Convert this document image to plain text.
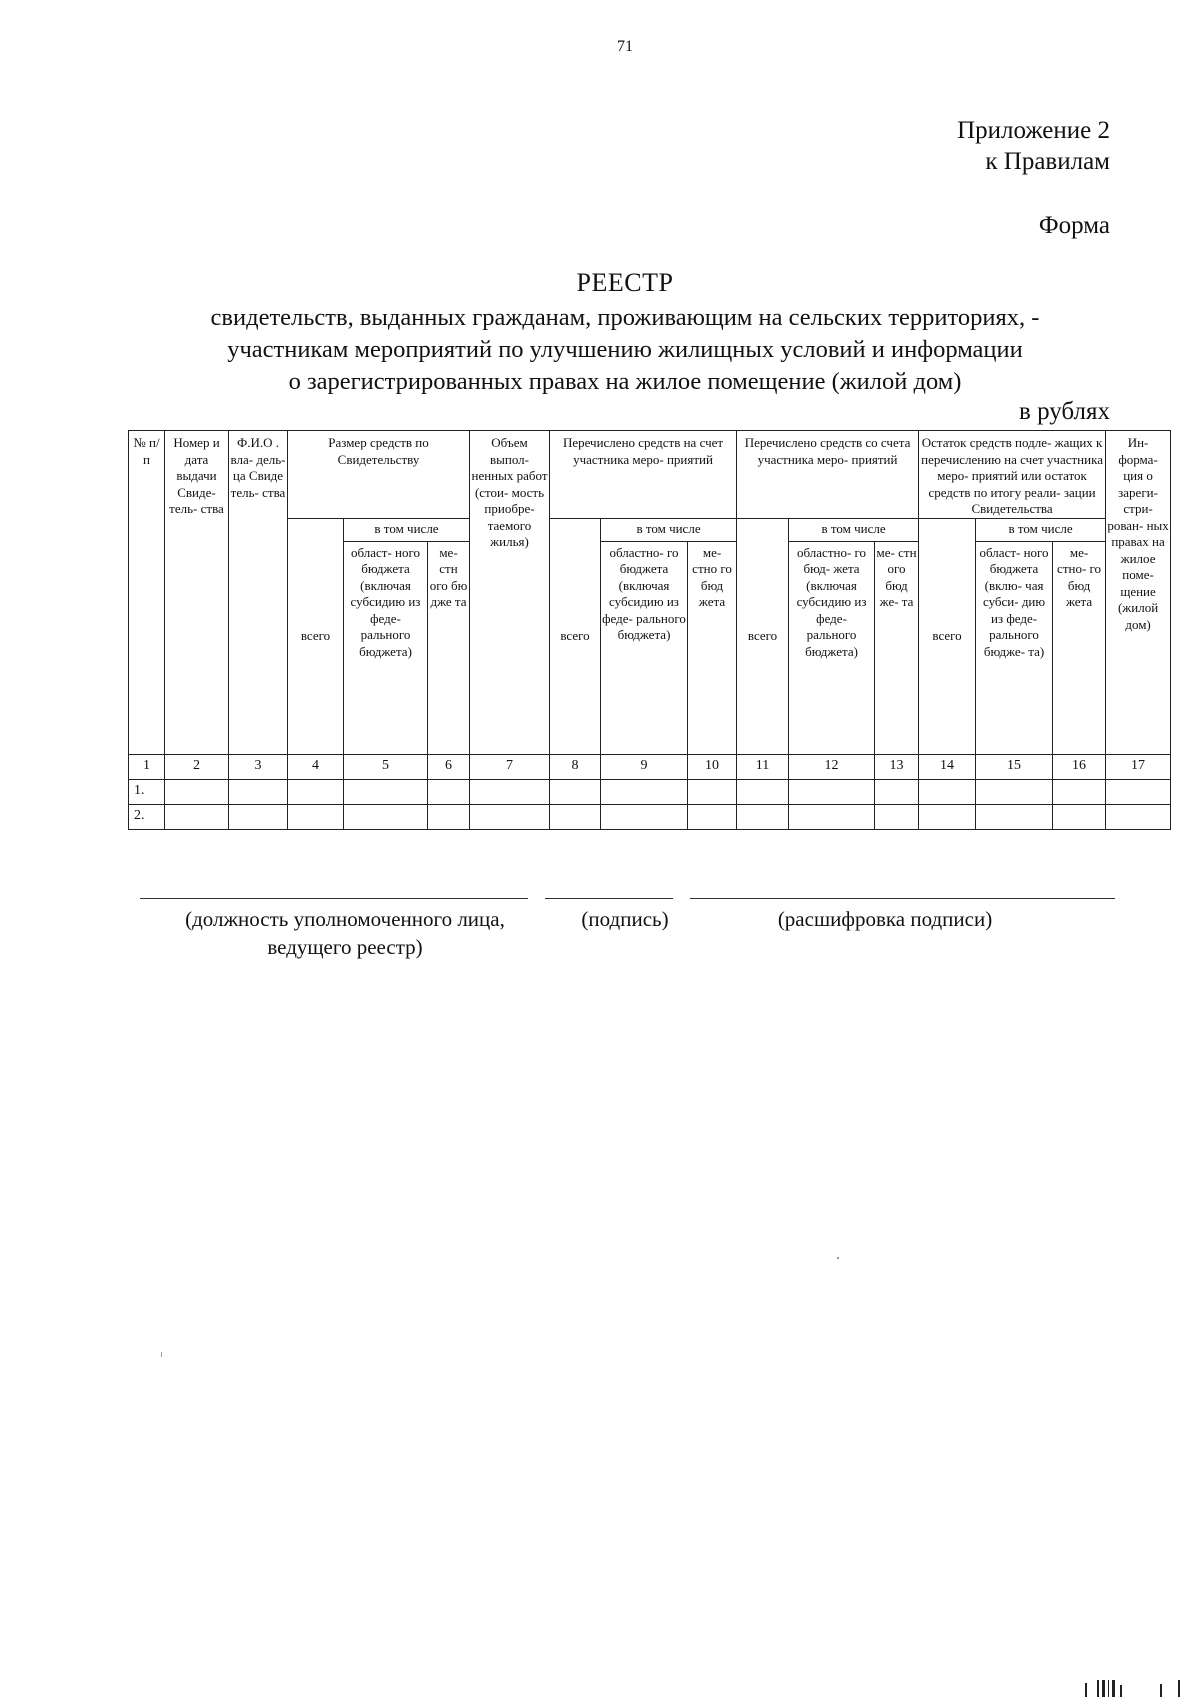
71
Приложение 2
к Правилам
Форма
РЕЕСТР
свидетельств, выданных гражданам, проживающим на сельских территориях, -
участникам мероприятий по улучшению жилищных условий и информации
о зарегистрированных правах на жилое помещение (жилой дом)
в рублях
№ п/ п	Номер и дата выдачи Свиде- тель- ства	Ф.И.О . вла- дель- ца Свиде тель- ства	Размер средств по Свидетельству			Объем выпол- ненных работ (стои- мость приобре- таемого жилья)	Перечислено средств на счет участника меро- приятий			Перечислено средств со счета участника меро- приятий			Остаток средств подле- жащих к перечислению на счет участника меро- приятий или остаток средств по итогу реали- зации Свидетельства			Ин- форма- ция о зареги- стри- рован- ных правах на жилое поме- щение (жилой дом)
			всего	в том числе			всего	в том числе		всего	в том числе		всего	в том числе		
				област- ного бюджета (включая субсидию из феде- рального бюджета)	ме- стн ого бю дже та			областно- го бюджета (включая субсидию из феде- рального бюджета)	ме- стно го бюд жета		областно- го бюд- жета (включая субсидию из феде- рального бюджета)	ме- стн ого бюд же- та		област- ного бюджета (вклю- чая субси- дию из феде- рального бюдже- та)	ме- стно- го бюд жета	
1	2	3	4	5	6	7	8	9	10	11	12	13	14	15	16	17
1.																
2.																
(должность уполномоченного лица,
ведущего реестр)
(подпись)	(расшифровка подписи)
